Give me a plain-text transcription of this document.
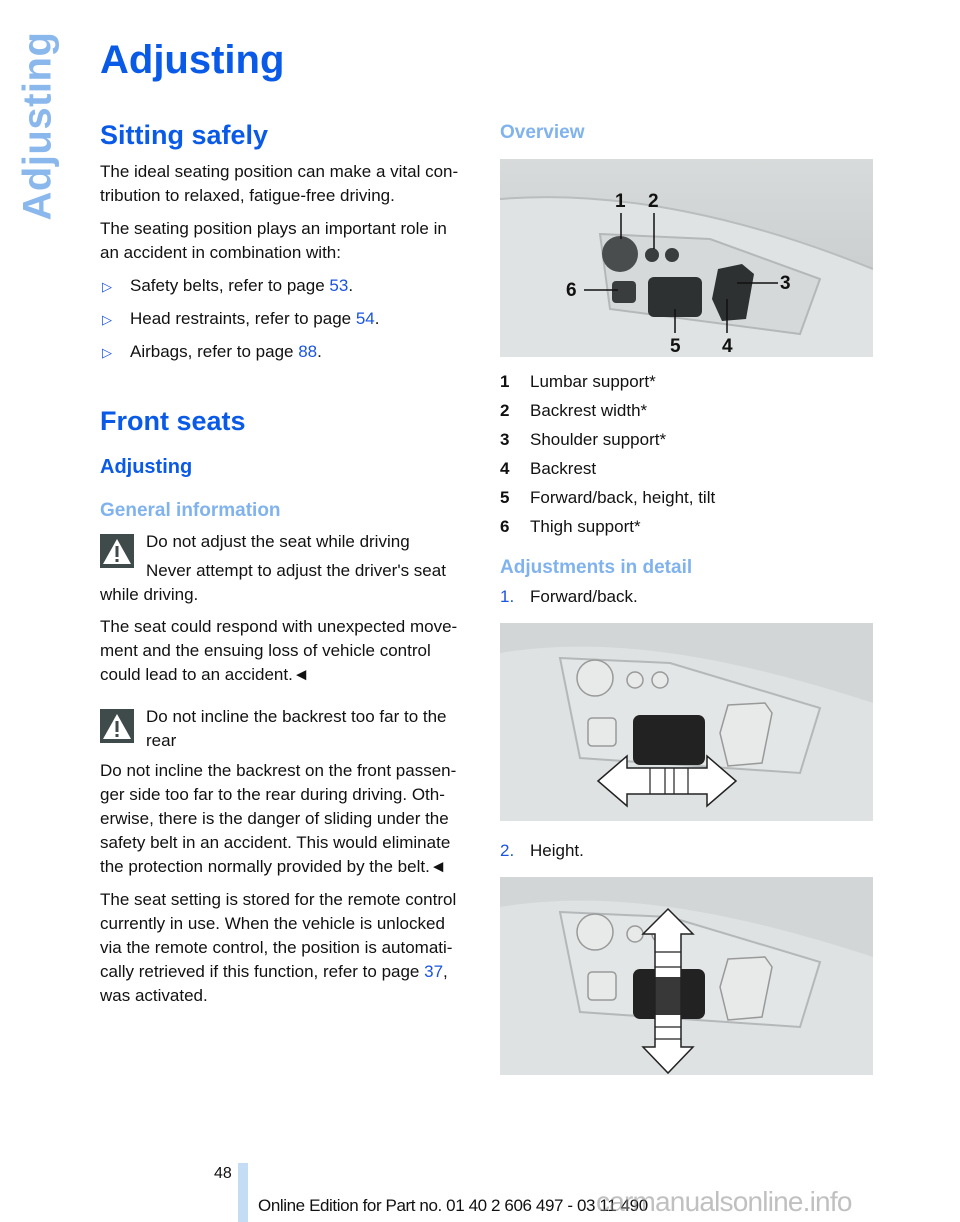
Adjusting Adjusting
Sitting safely

The ideal seating position can make a vital con-tribution to relaxed, fatigue-free driving.

The seating position plays an important role in an accident in combination with:

▷ Safety belts, refer to page 53.
▷ Head restraints, refer to page 54.
▷ Airbags, refer to page 88.
Front seats
Adjusting
General information
Do not adjust the seat while driving
Never attempt to adjust the driver's seat

while driving.

The seat could respond with unexpected move-ment and the ensuing loss of vehicle control could lead to an accident.◄

Do not incline the backrest too far to the rear

Do not incline the backrest on the front passen-ger side too far to the rear during driving. Oth-erwise, there is the danger of sliding under the safety belt in an accident. This would eliminate the protection normally provided by the belt.◄

The seat setting is stored for the remote control currently in use. When the vehicle is unlocked via the remote control, the position is automati-cally retrieved if this function, refer to page 37, was activated.

Overview
1 2
3
4
5
6
1	Lumbar support*
2	Backrest width*
3	Shoulder support*
4	Backrest
5	Forward/back, height, tilt
6	Thigh support*
Adjustments in detail
1. Forward/back.
2. Height.
48
Online Edition for Part no. 01 40 2 606 497 - 03 11 490
carmanualsonline.info
